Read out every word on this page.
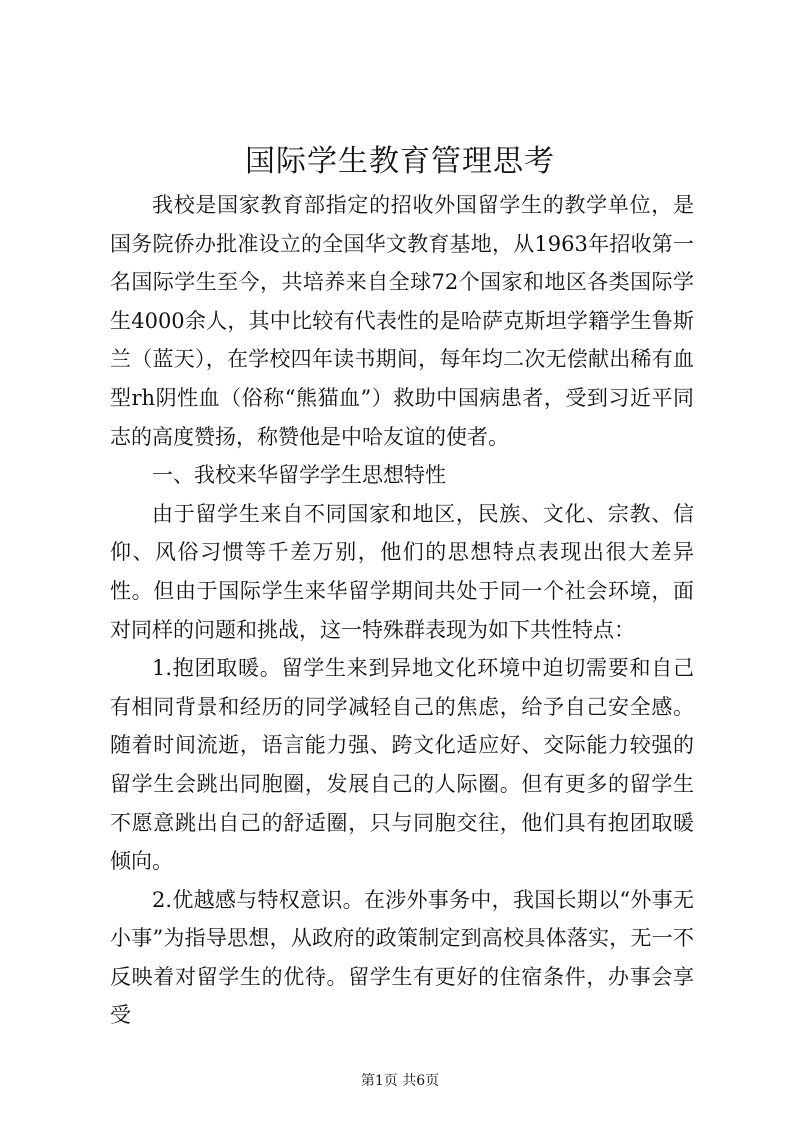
国际学生教育管理思考

我校是国家教育部指定的招收外国留学生的教学单位，是国务院侨办批准设立的全国华文教育基地，从1963年招收第一名国际学生至今，共培养来自全球72个国家和地区各类国际学生4000余人，其中比较有代表性的是哈萨克斯坦学籍学生鲁斯兰（蓝天），在学校四年读书期间，每年均二次无偿献出稀有血型rh阴性血（俗称“熊猫血”）救助中国病患者，受到习近平同志的高度赞扬，称赞他是中哈友谊的使者。

一、我校来华留学学生思想特性

由于留学生来自不同国家和地区，民族、文化、宗教、信仰、风俗习惯等千差万别，他们的思想特点表现出很大差异性。但由于国际学生来华留学期间共处于同一个社会环境，面对同样的问题和挑战，这一特殊群表现为如下共性特点：

1.抱团取暖。留学生来到异地文化环境中迫切需要和自己有相同背景和经历的同学减轻自己的焦虑，给予自己安全感。随着时间流逝，语言能力强、跨文化适应好、交际能力较强的留学生会跳出同胞圈，发展自己的人际圈。但有更多的留学生不愿意跳出自己的舒适圈，只与同胞交往，他们具有抱团取暖倾向。

2.优越感与特权意识。在涉外事务中，我国长期以“外事无小事”为指导思想，从政府的政策制定到高校具体落实，无一不反映着对留学生的优待。留学生有更好的住宿条件，办事会享受

第1页 共6页
